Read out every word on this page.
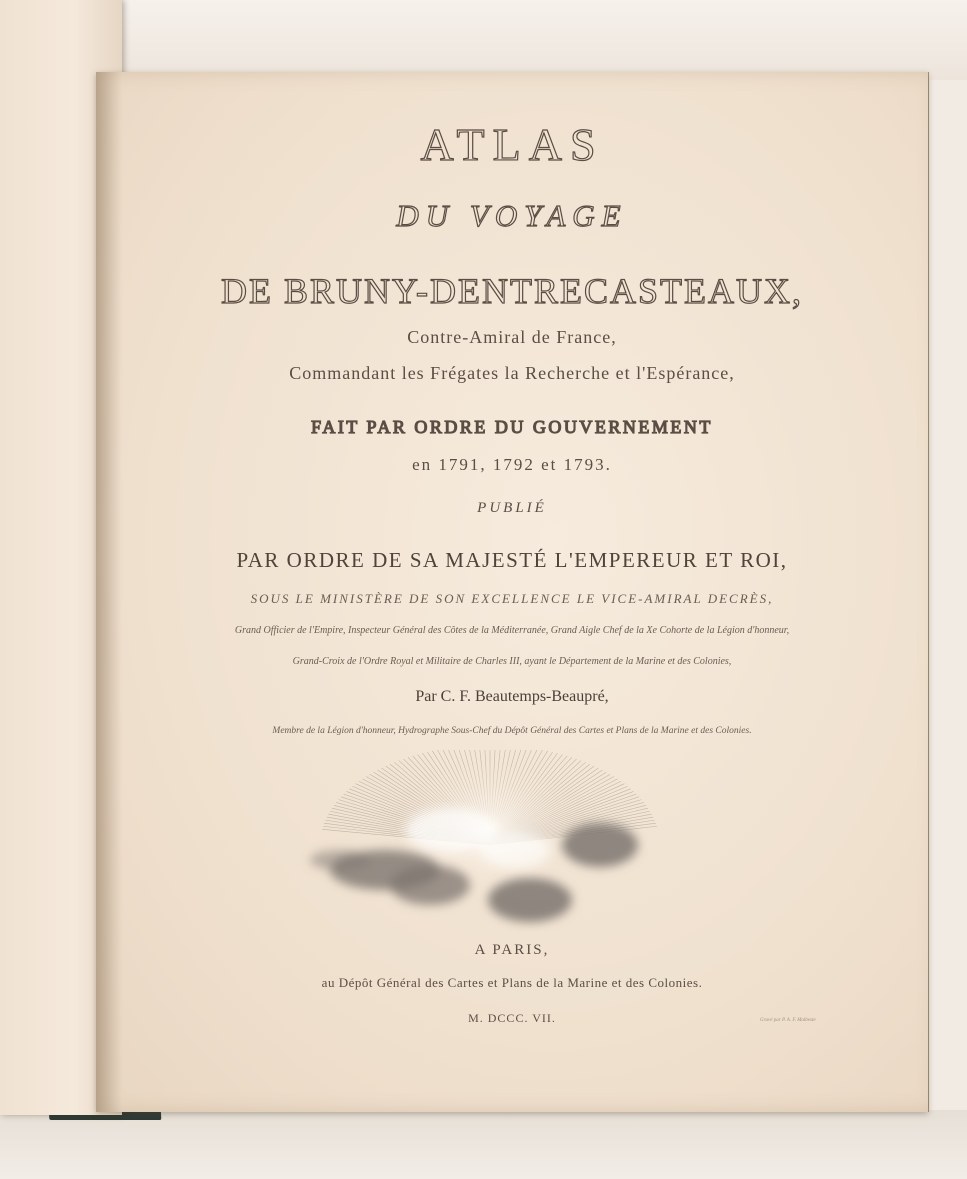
ATLAS

DU VOYAGE

DE BRUNY-DENTRECASTEAUX,

Contre-Amiral de France,

Commandant les Frégates la Recherche et l'Espérance,

FAIT PAR ORDRE DU GOUVERNEMENT

en 1791, 1792 et 1793.

PUBLIÉ

PAR ORDRE DE SA MAJESTÉ L'EMPEREUR ET ROI,

SOUS LE MINISTÈRE DE SON EXCELLENCE LE VICE-AMIRAL DECRÈS,

Grand Officier de l'Empire, Inspecteur Général des Côtes de la Méditerranée, Grand Aigle Chef de la Xe Cohorte de la Légion d'honneur,

Grand-Croix de l'Ordre Royal et Militaire de Charles III, ayant le Département de la Marine et des Colonies,

Par C. F. Beautemps-Beaupré,

Membre de la Légion d'honneur, Hydrographe Sous-Chef du Dépôt Général des Cartes et Plans de la Marine et des Colonies.

A PARIS,

au Dépôt Général des Cartes et Plans de la Marine et des Colonies.

M. DCCC. VII.	Gravé par P. A. F. Malbeste
